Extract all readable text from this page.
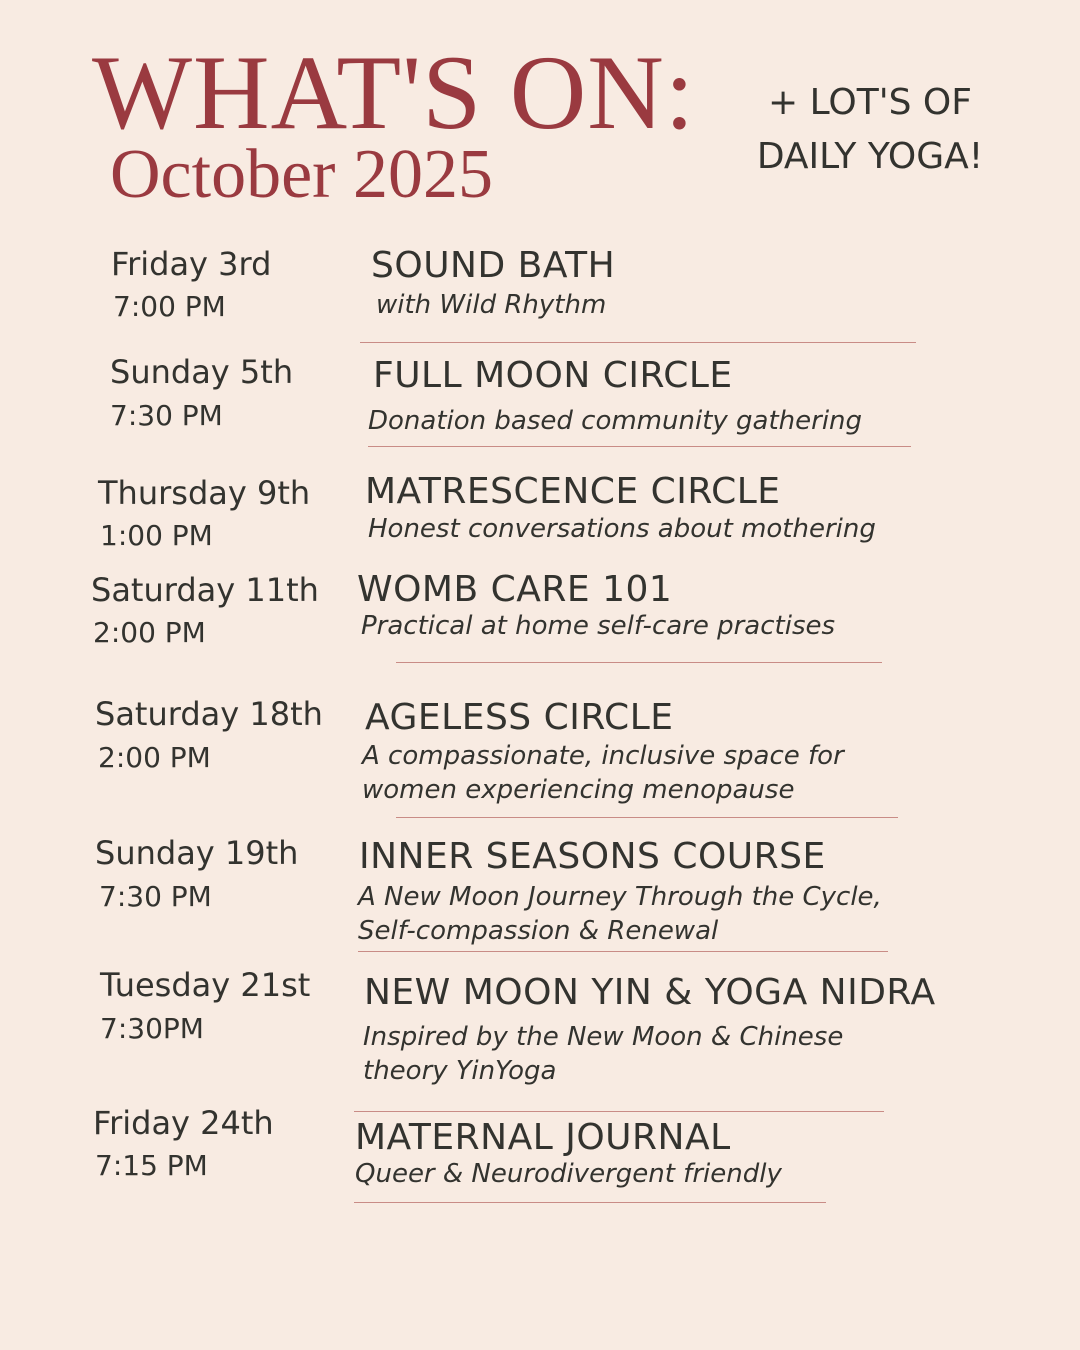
WHAT'S ON:
October 2025
+ LOT'S OF
DAILY YOGA!
Friday 3rd
7:00 PM
SOUND BATH
with Wild Rhythm
Sunday 5th
7:30 PM
FULL MOON CIRCLE
Donation based community gathering
Thursday 9th
1:00 PM
MATRESCENCE CIRCLE
Honest conversations about mothering
Saturday 11th
2:00 PM
WOMB CARE 101
Practical at home self-care practises
Saturday 18th
2:00 PM
AGELESS CIRCLE
A compassionate, inclusive space for women experiencing menopause
Sunday 19th
7:30 PM
INNER SEASONS COURSE
A New Moon Journey Through the Cycle, Self-compassion & Renewal
Tuesday 21st
7:30PM
NEW MOON YIN & YOGA NIDRA
Inspired by the New Moon & Chinese theory YinYoga
Friday 24th
7:15 PM
MATERNAL JOURNAL
Queer & Neurodivergent friendly
